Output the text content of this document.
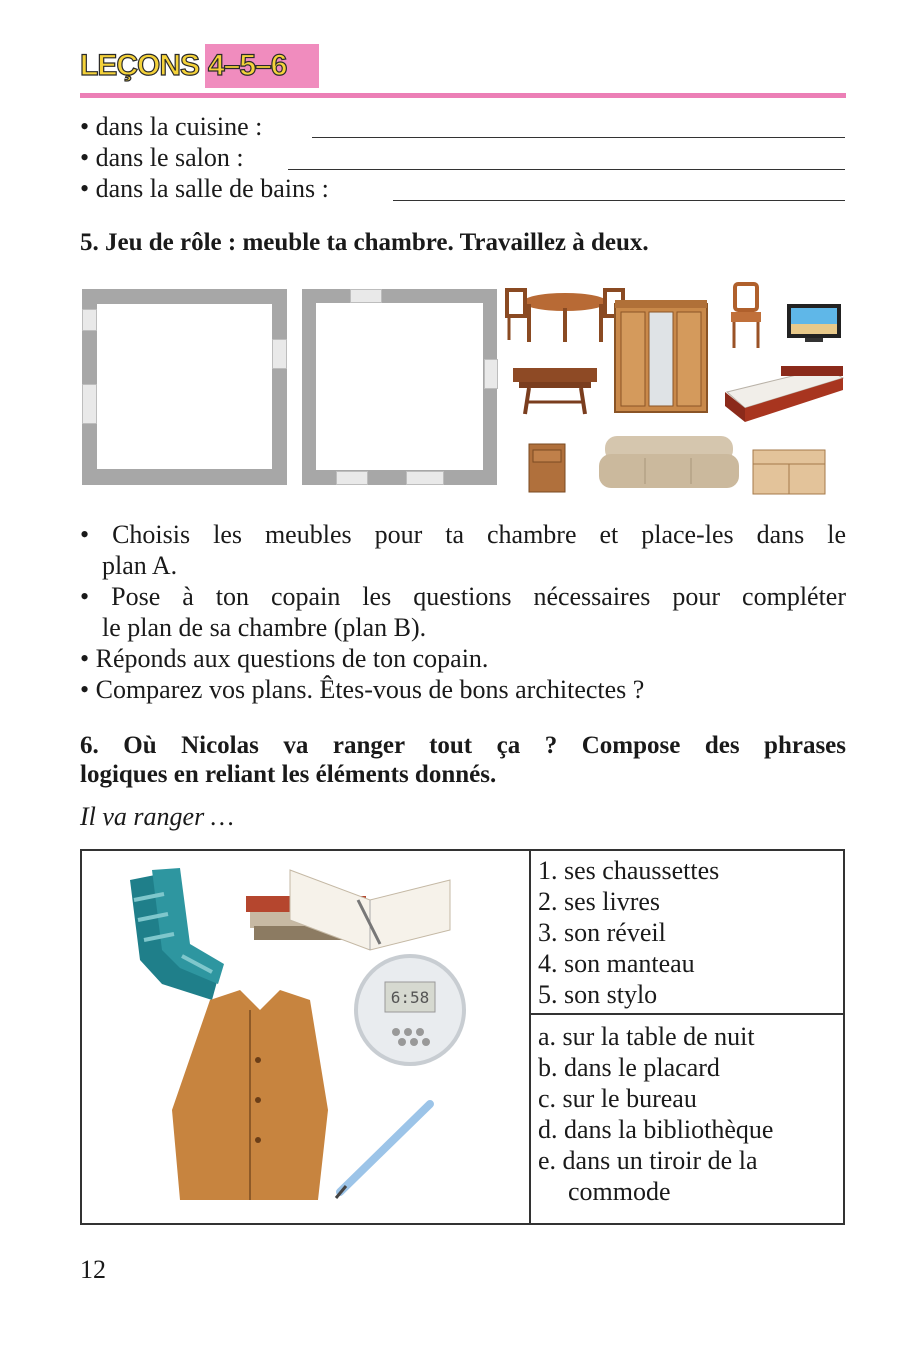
LEÇONS 4–5–6
• dans la cuisine :
• dans le salon :
• dans la salle de bains :
5. Jeu de rôle : meuble ta chambre. Travaillez à deux.
• Choisis les meubles pour ta chambre et place-les dans le
plan A.
• Pose à ton copain les questions nécessaires pour compléter
le plan de sa chambre (plan B).
• Réponds aux questions de ton copain.
• Comparez vos plans. Êtes-vous de bons architectes ?
6. Où Nicolas va ranger tout ça ? Compose des phrases
logiques en reliant les éléments donnés.
Il va ranger …
6:58
1. ses chaussettes
2. ses livres
3. son réveil
4. son manteau
5. son stylo
a. sur la table de nuit
b. dans le placard
c. sur le bureau
d. dans la bibliothèque
e. dans un tiroir de la
commode
12
